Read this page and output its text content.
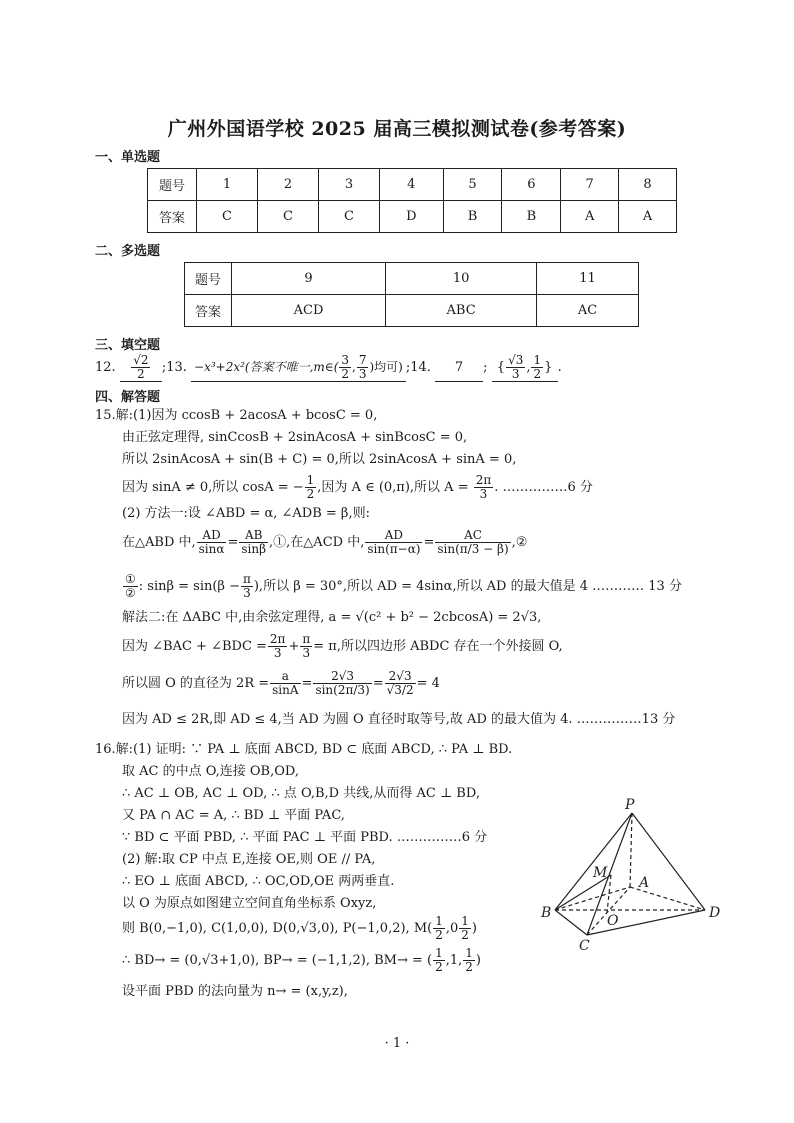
广州外国语学校 2025 届高三模拟测试卷(参考答案)
一、单选题
题号	1	2	3	4	5	6	7	8
答案	C	C	C	D	B	B	A	A
二、多选题
题号	9	10	11
答案	ACD	ABC	AC
三、填空题
12. $\frac{√2}{2}$ ;13. −x³+2x²(答案不唯一,m∈( $\frac{3}{2}$ , $\frac{7}{3}$ )均可) ;14. 7 ; { $\frac{√3}{3}$ , $\frac{1}{2}$ } .
四、解答题
15.解:(1)因为 ccosB + 2acosA + bcosC = 0,
由正弦定理得, sinCcosB + 2sinAcosA + sinBcosC = 0,
所以 2sinAcosA + sin(B + C) = 0,所以 2sinAcosA + sinA = 0,
因为 sinA ≠ 0,所以 cosA = − $\frac{1}{2}$ ,因为 A ∈ (0,π),所以 $A = \frac{2\pi}{3}$ . ……………6 分
(2) 方法一:设 ∠ABD = α, ∠ADB = β,则:
在△ABD 中, $\frac{AD}{\sin\alpha} = \frac{AB}{\sin\beta}$ ,①,在△ACD 中, $\frac{AD}{\sin(\pi-\alpha)} = \frac{AC}{\sin(\pi/3 - \beta)}$ ,②
$\frac{\text{①}}{\text{②}}$ : $\sin\beta = \sin(\beta - \frac{\pi}{3}$ ),所以 β = 30°,所以 AD = 4sinα,所以 AD 的最大值是 4 ………… 13 分
解法二:在 ΔABC 中,由余弦定理得, a = √(c² + b² − 2cbcosA) = 2√3,
因为 ∠BAC + ∠BDC = $\frac{2\pi}{3} + \frac{\pi}{3} = \pi$,所以四边形 ABDC 存在一个外接圆 O,
所以圆 O 的直径为 $2R = \frac{a}{\sin A} = \frac{2√3}{\sin(2\pi/3)} = \frac{2√3}{√3/2} = 4$
因为 AD ≤ 2R,即 AD ≤ 4,当 AD 为圆 O 直径时取等号,故 AD 的最大值为 4. ……………13 分
16.解:(1) 证明: ∵ PA ⊥ 底面 ABCD, BD ⊂ 底面 ABCD, ∴ PA ⊥ BD.
取 AC 的中点 O,连接 OB,OD,
∴ AC ⊥ OB, AC ⊥ OD, ∴ 点 O,B,D 共线,从而得 AC ⊥ BD,
又 PA ∩ AC = A, ∴ BD ⊥ 平面 PAC,
∵ BD ⊂ 平面 PBD, ∴ 平面 PAC ⊥ 平面 PBD. ……………6 分
(2) 解:取 CP 中点 E,连接 OE,则 OE // PA,
∴ EO ⊥ 底面 ABCD, ∴ OC,OD,OE 两两垂直.
以 O 为原点如图建立空间直角坐标系 Oxyz,
则 B(0,−1,0), C(1,0,0), D(0,√3,0), P(−1,0,2), $M( \frac{1}{2} ,0 \frac{1}{2}$ )
∴ BD→ = (0,√3+1,0), BP→ = (−1,1,2), BM→ = ( $\frac{1}{2} ,1$, $\frac{1}{2}$ )
设平面 PBD 的法向量为 n→ = (x,y,z),
P
M
A
B	O	D
C
· 1 ·
